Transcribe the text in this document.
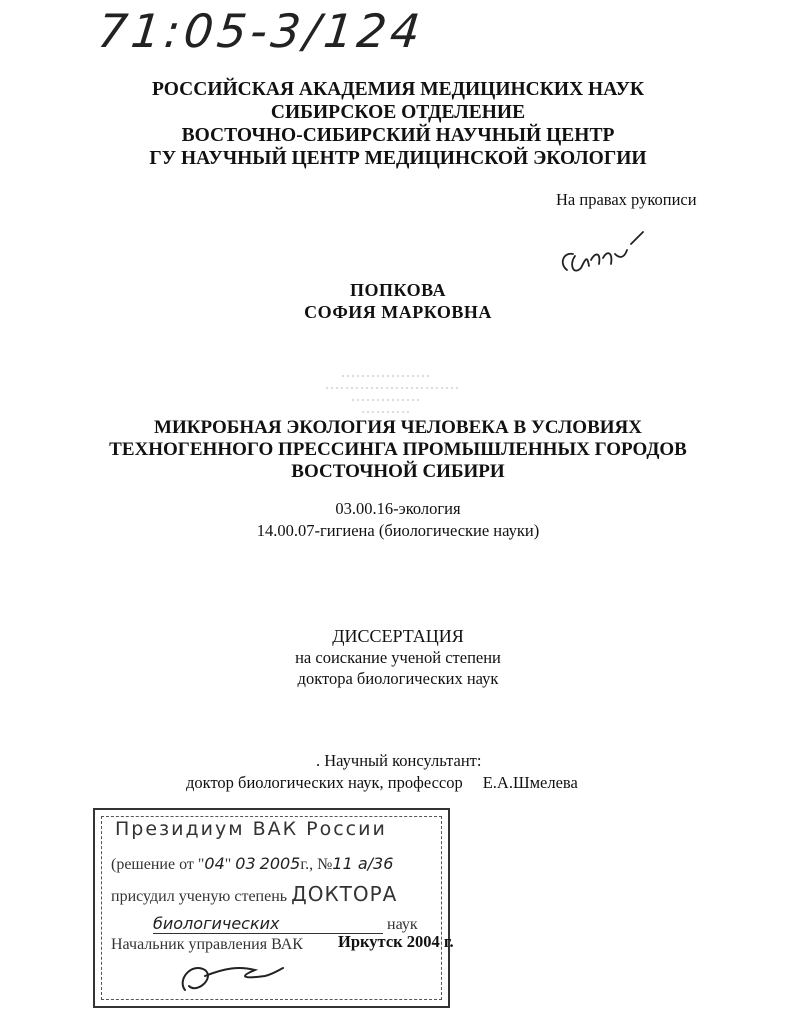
71:05-3/124
РОССИЙСКАЯ АКАДЕМИЯ МЕДИЦИНСКИХ НАУК
СИБИРСКОЕ ОТДЕЛЕНИЕ
ВОСТОЧНО-СИБИРСКИЙ НАУЧНЫЙ ЦЕНТР
ГУ НАУЧНЫЙ ЦЕНТР МЕДИЦИНСКОЙ ЭКОЛОГИИ
На правах рукописи
ПОПКОВА
СОФИЯ МАРКОВНА
МИКРОБНАЯ ЭКОЛОГИЯ ЧЕЛОВЕКА В УСЛОВИЯХ
ТЕХНОГЕННОГО ПРЕССИНГА ПРОМЫШЛЕННЫХ ГОРОДОВ
ВОСТОЧНОЙ СИБИРИ
03.00.16-экология
14.00.07-гигиена (биологические науки)
ДИССЕРТАЦИЯ
на соискание ученой степени
доктора биологических наук
. Научный консультант:
доктор биологических наук, профессор Е.А.Шмелева
Президиум ВАК России
(решение от "04" 03 2005г., №11 а/36
присудил ученую степень ДОКТОРА
биологических	наук
Начальник управления ВАК Иркутск 2004 г.
